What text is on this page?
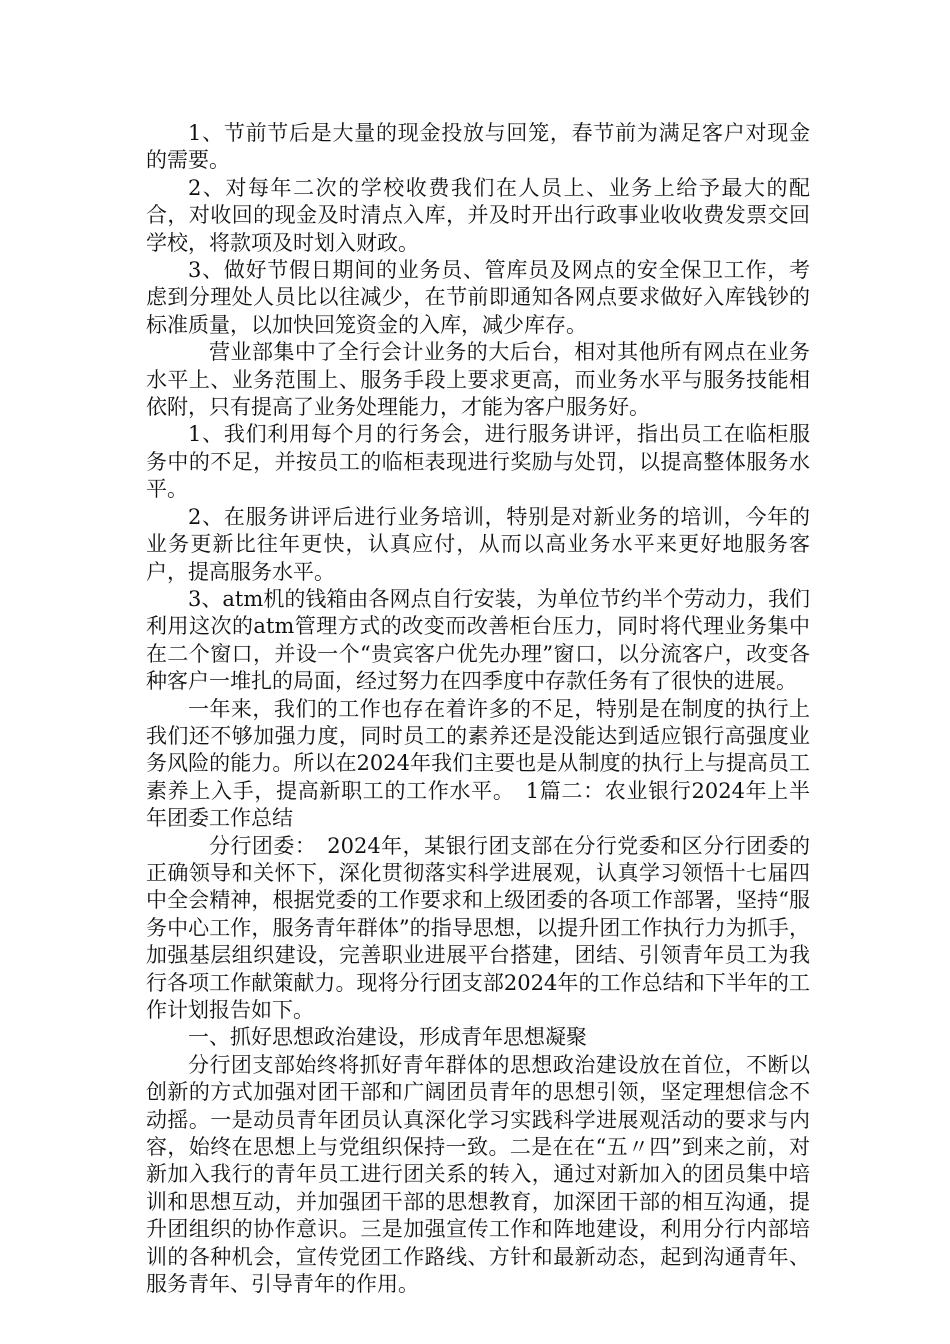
1、节前节后是大量的现金投放与回笼，春节前为满足客户对现金的需要。

2、对每年二次的学校收费我们在人员上、业务上给予最大的配合，对收回的现金及时清点入库，并及时开出行政事业收收费发票交回学校，将款项及时划入财政。

3、做好节假日期间的业务员、管库员及网点的安全保卫工作，考虑到分理处人员比以往减少，在节前即通知各网点要求做好入库钱钞的标准质量，以加快回笼资金的入库，减少库存。

营业部集中了全行会计业务的大后台，相对其他所有网点在业务水平上、业务范围上、服务手段上要求更高，而业务水平与服务技能相依附，只有提高了业务处理能力，才能为客户服务好。

1、我们利用每个月的行务会，进行服务讲评，指出员工在临柜服务中的不足，并按员工的临柜表现进行奖励与处罚，以提高整体服务水平。

2、在服务讲评后进行业务培训，特别是对新业务的培训，今年的业务更新比往年更快，认真应付，从而以高业务水平来更好地服务客户，提高服务水平。

3、atm机的钱箱由各网点自行安装，为单位节约半个劳动力，我们利用这次的atm管理方式的改变而改善柜台压力，同时将代理业务集中在二个窗口，并设一个“贵宾客户优先办理”窗口，以分流客户，改变各种客户一堆扎的局面，经过努力在四季度中存款任务有了很快的进展。

一年来，我们的工作也存在着许多的不足，特别是在制度的执行上我们还不够加强力度，同时员工的素养还是没能达到适应银行高强度业务风险的能力。所以在2024年我们主要也是从制度的执行上与提高员工素养上入手，提高新职工的工作水平。　1篇二：农业银行2024年上半年团委工作总结

分行团委：　2024年，某银行团支部在分行党委和区分行团委的正确领导和关怀下，深化贯彻落实科学进展观，认真学习领悟十七届四中全会精神，根据党委的工作要求和上级团委的各项工作部署，坚持“服务中心工作，服务青年群体”的指导思想，以提升团工作执行力为抓手，加强基层组织建设，完善职业进展平台搭建，团结、引领青年员工为我行各项工作献策献力。现将分行团支部2024年的工作总结和下半年的工作计划报告如下。

一、抓好思想政治建设，形成青年思想凝聚

分行团支部始终将抓好青年群体的思想政治建设放在首位，不断以创新的方式加强对团干部和广阔团员青年的思想引领，坚定理想信念不动摇。一是动员青年团员认真深化学习实践科学进展观活动的要求与内容，始终在思想上与党组织保持一致。二是在在“五〃四”到来之前，对新加入我行的青年员工进行团关系的转入，通过对新加入的团员集中培训和思想互动，并加强团干部的思想教育，加深团干部的相互沟通，提升团组织的协作意识。三是加强宣传工作和阵地建设，利用分行内部培训的各种机会，宣传党团工作路线、方针和最新动态，起到沟通青年、服务青年、引导青年的作用。
